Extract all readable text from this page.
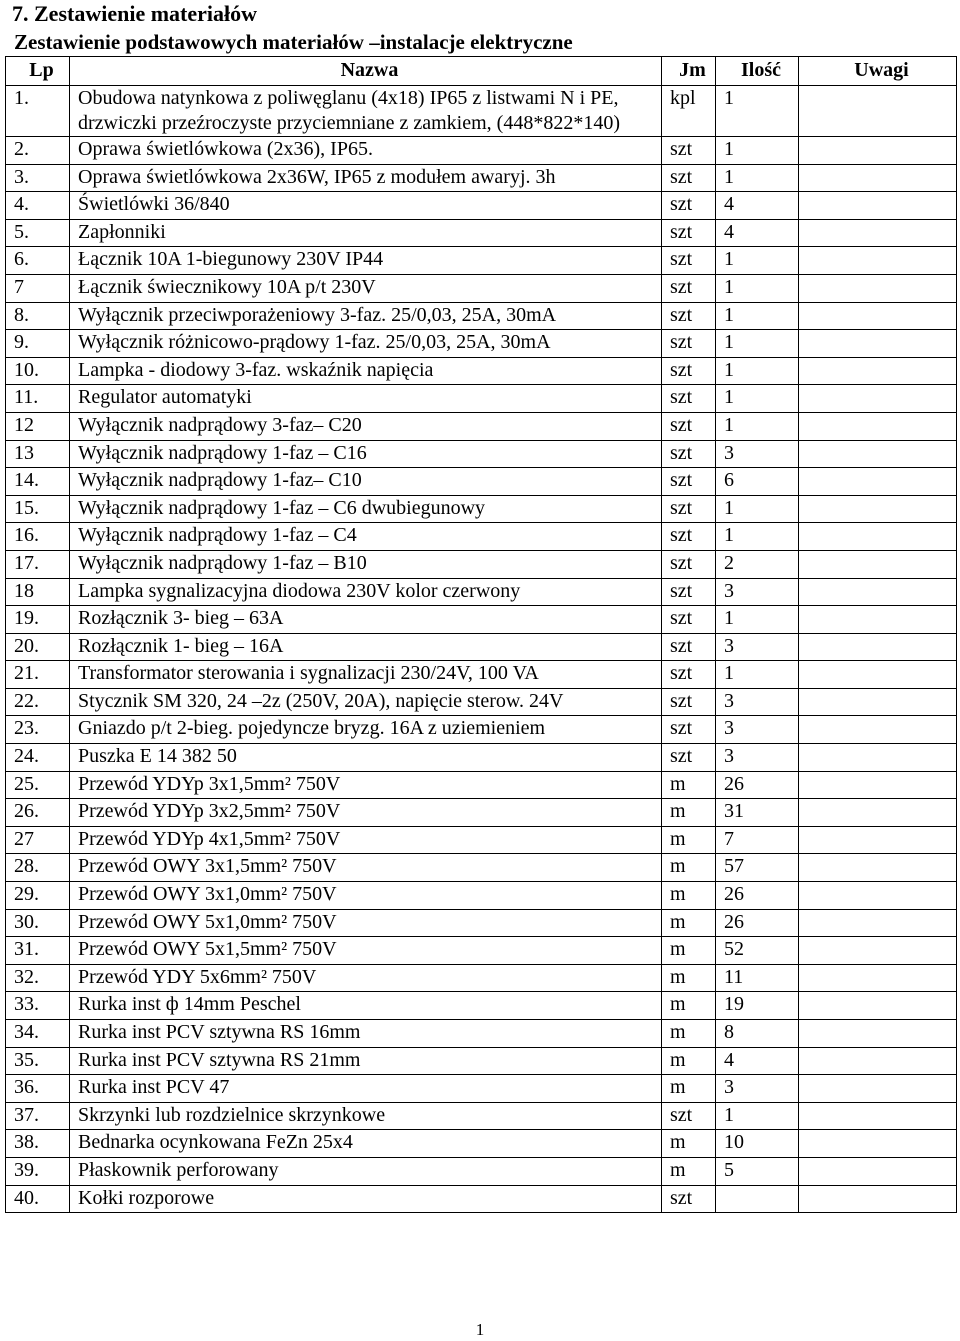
7. Zestawienie materiałów
Zestawienie podstawowych materiałów –instalacje elektryczne
Lp	Nazwa	Jm	Ilość	Uwagi
1.	Obudowa natynkowa z poliwęglanu (4x18) IP65 z listwami N i PE, drzwiczki przeźroczyste przyciemniane z zamkiem, (448*822*140)	kpl	1	
2.	Oprawa świetlówkowa (2x36), IP65.	szt	1	
3.	Oprawa świetlówkowa 2x36W, IP65 z modułem awaryj. 3h	szt	1	
4.	Świetlówki 36/840	szt	4	
5.	Zapłonniki	szt	4	
6.	Łącznik 10A 1-biegunowy 230V IP44	szt	1	
7	Łącznik świecznikowy 10A p/t 230V	szt	1	
8.	Wyłącznik przeciwporażeniowy 3-faz. 25/0,03, 25A, 30mA	szt	1	
9.	Wyłącznik różnicowo-prądowy 1-faz. 25/0,03, 25A, 30mA	szt	1	
10.	Lampka - diodowy 3-faz. wskaźnik napięcia	szt	1	
11.	Regulator automatyki	szt	1	
12	Wyłącznik nadprądowy 3-faz– C20	szt	1	
13	Wyłącznik nadprądowy 1-faz – C16	szt	3	
14.	Wyłącznik nadprądowy 1-faz– C10	szt	6	
15.	Wyłącznik nadprądowy 1-faz – C6 dwubiegunowy	szt	1	
16.	Wyłącznik nadprądowy 1-faz – C4	szt	1	
17.	Wyłącznik nadprądowy 1-faz – B10	szt	2	
18	Lampka sygnalizacyjna diodowa 230V kolor czerwony	szt	3	
19.	Rozłącznik 3- bieg – 63A	szt	1	
20.	Rozłącznik 1- bieg – 16A	szt	3	
21.	Transformator sterowania i sygnalizacji 230/24V, 100 VA	szt	1	
22.	Stycznik SM 320, 24 –2z (250V, 20A), napięcie sterow. 24V	szt	3	
23.	Gniazdo p/t 2-bieg. pojedyncze bryzg. 16A z uziemieniem	szt	3	
24.	Puszka E 14 382 50	szt	3	
25.	Przewód YDYp 3x1,5mm² 750V	m	26	
26.	Przewód YDYp 3x2,5mm² 750V	m	31	
27	Przewód YDYp 4x1,5mm² 750V	m	7	
28.	Przewód OWY 3x1,5mm² 750V	m	57	
29.	Przewód OWY 3x1,0mm² 750V	m	26	
30.	Przewód OWY 5x1,0mm² 750V	m	26	
31.	Przewód OWY 5x1,5mm² 750V	m	52	
32.	Przewód YDY 5x6mm² 750V	m	11	
33.	Rurka inst ф 14mm Peschel	m	19	
34.	Rurka inst PCV sztywna RS 16mm	m	8	
35.	Rurka inst PCV sztywna RS 21mm	m	4	
36.	Rurka inst PCV 47	m	3	
37.	Skrzynki lub rozdzielnice skrzynkowe	szt	1	
38.	Bednarka ocynkowana FeZn 25x4	m	10	
39.	Płaskownik perforowany	m	5	
40.	Kołki rozporowe	szt		
1
